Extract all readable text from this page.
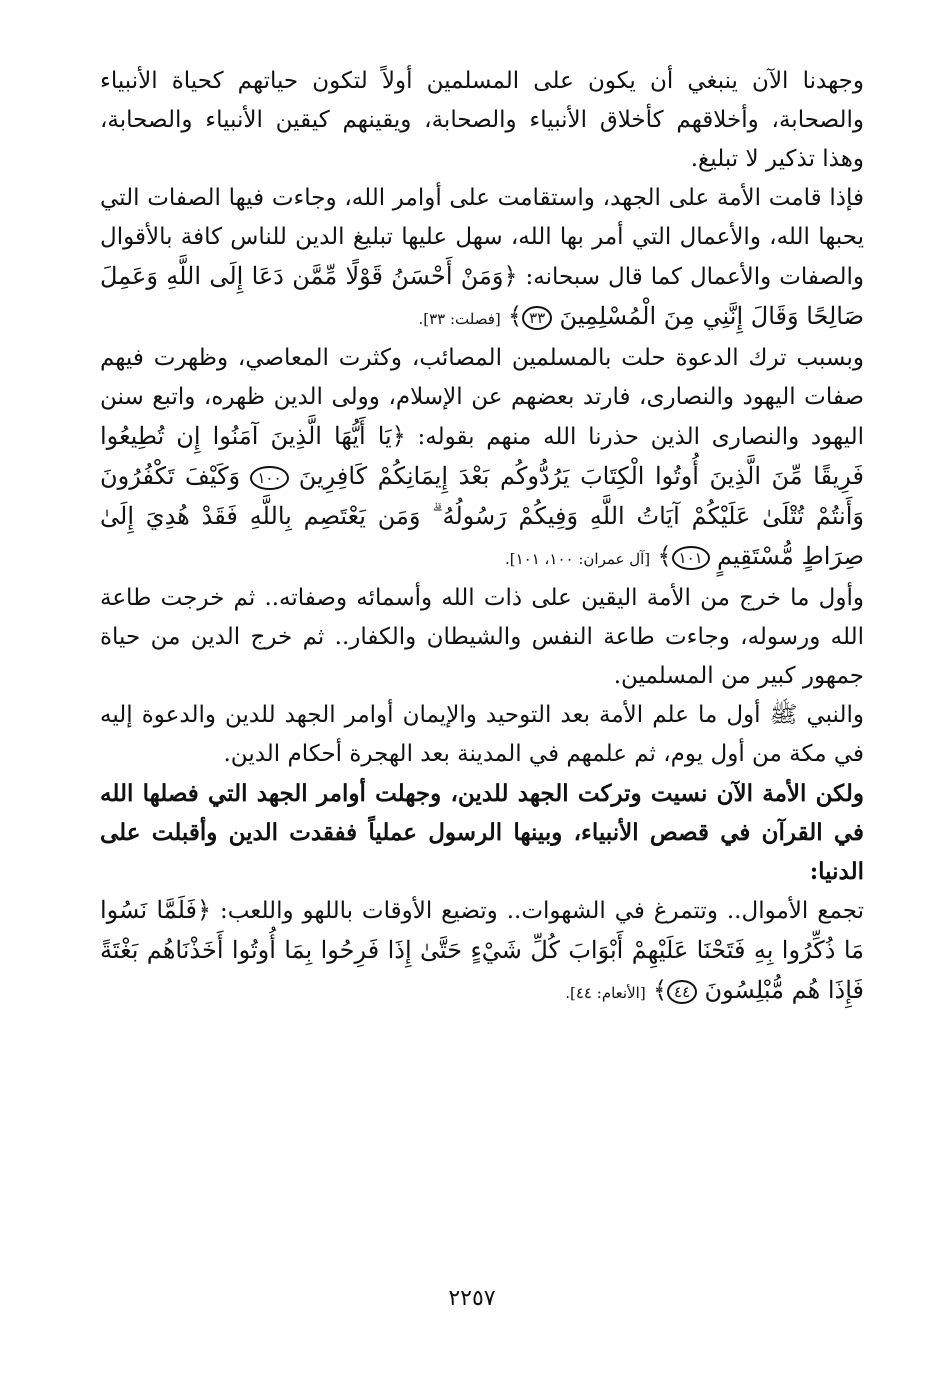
وجهدنا الآن ينبغي أن يكون على المسلمين أولاً لتكون حياتهم كحياة الأنبياء والصحابة، وأخلاقهم كأخلاق الأنبياء والصحابة، ويقينهم كيقين الأنبياء والصحابة، وهذا تذكير لا تبليغ.

فإذا قامت الأمة على الجهد، واستقامت على أوامر الله، وجاءت فيها الصفات التي يحبها الله، والأعمال التي أمر بها الله، سهل عليها تبليغ الدين للناس كافة بالأقوال والصفات والأعمال كما قال سبحانه: ﴿وَمَنْ أَحْسَنُ قَوْلًا مِّمَّن دَعَا إِلَى اللَّهِ وَعَمِلَ صَالِحًا وَقَالَ إِنَّنِي مِنَ الْمُسْلِمِينَ ٣٣﴾ [فصلت: ٣٣].

وبسبب ترك الدعوة حلت بالمسلمين المصائب، وكثرت المعاصي، وظهرت فيهم صفات اليهود والنصارى، فارتد بعضهم عن الإسلام، وولى الدين ظهره، واتبع سنن اليهود والنصارى الذين حذرنا الله منهم بقوله: ﴿يَا أَيُّهَا الَّذِينَ آمَنُوا إِن تُطِيعُوا فَرِيقًا مِّنَ الَّذِينَ أُوتُوا الْكِتَابَ يَرُدُّوكُم بَعْدَ إِيمَانِكُمْ كَافِرِينَ ١٠٠ وَكَيْفَ تَكْفُرُونَ وَأَنتُمْ تُتْلَىٰ عَلَيْكُمْ آيَاتُ اللَّهِ وَفِيكُمْ رَسُولُهُ ۗ وَمَن يَعْتَصِم بِاللَّهِ فَقَدْ هُدِيَ إِلَىٰ صِرَاطٍ مُّسْتَقِيمٍ ١٠١﴾ [آل عمران: ١٠٠، ١٠١].

وأول ما خرج من الأمة اليقين على ذات الله وأسمائه وصفاته.. ثم خرجت طاعة الله ورسوله، وجاءت طاعة النفس والشيطان والكفار.. ثم خرج الدين من حياة جمهور كبير من المسلمين.

والنبي ﷺ أول ما علم الأمة بعد التوحيد والإيمان أوامر الجهد للدين والدعوة إليه في مكة من أول يوم، ثم علمهم في المدينة بعد الهجرة أحكام الدين.

ولكن الأمة الآن نسيت وتركت الجهد للدين، وجهلت أوامر الجهد التي فصلها الله في القرآن في قصص الأنبياء، وبينها الرسول عملياً ففقدت الدين وأقبلت على الدنيا:

تجمع الأموال.. وتتمرغ في الشهوات.. وتضيع الأوقات باللهو واللعب: ﴿فَلَمَّا نَسُوا مَا ذُكِّرُوا بِهِ فَتَحْنَا عَلَيْهِمْ أَبْوَابَ كُلِّ شَيْءٍ حَتَّىٰ إِذَا فَرِحُوا بِمَا أُوتُوا أَخَذْنَاهُم بَغْتَةً فَإِذَا هُم مُّبْلِسُونَ ٤٤﴾ [الأنعام: ٤٤].

٢٢٥٧
